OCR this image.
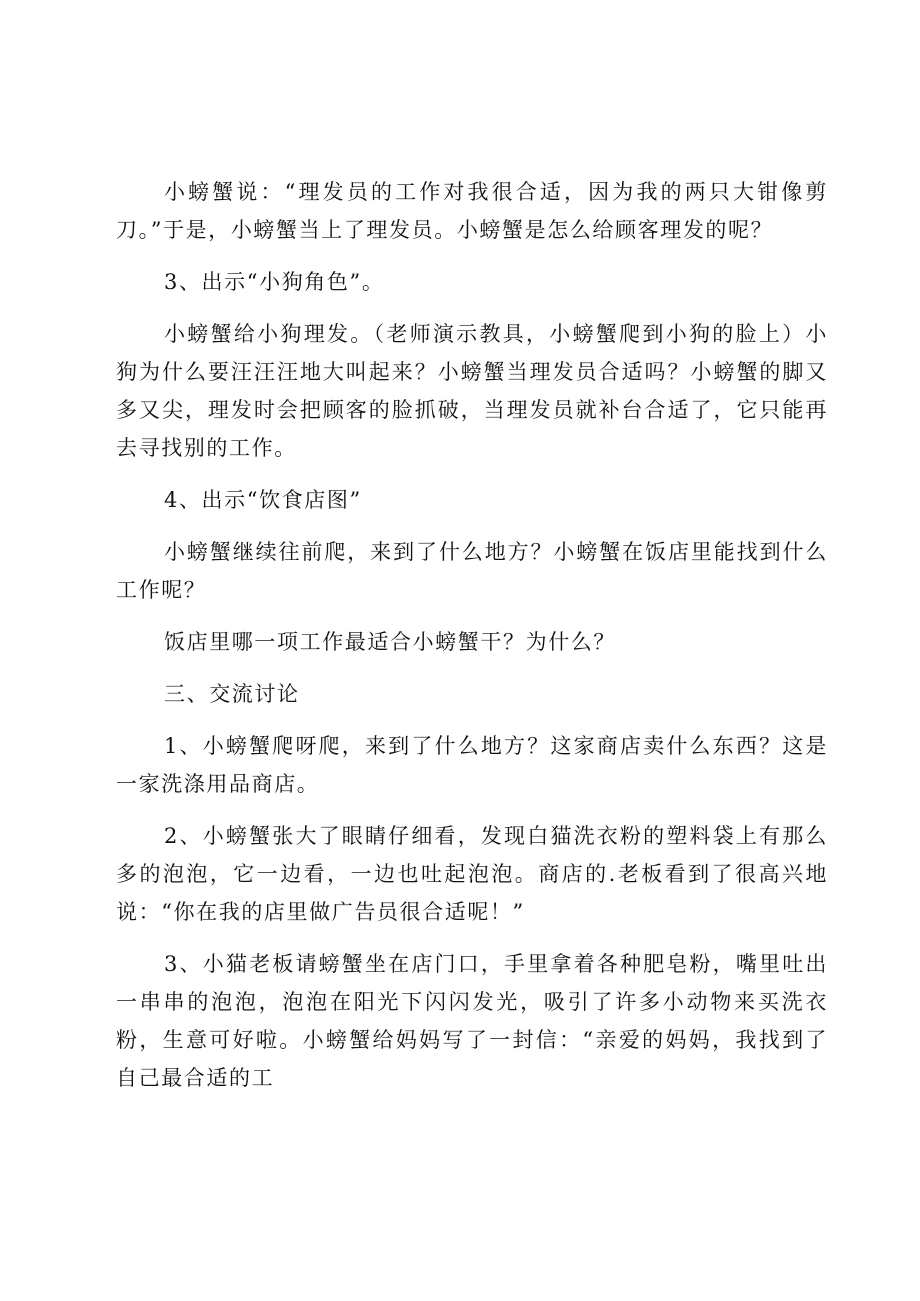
小螃蟹说：“理发员的工作对我很合适，因为我的两只大钳像剪刀。”于是，小螃蟹当上了理发员。小螃蟹是怎么给顾客理发的呢？

3、出示“小狗角色”。

小螃蟹给小狗理发。（老师演示教具，小螃蟹爬到小狗的脸上）小狗为什么要汪汪汪地大叫起来？小螃蟹当理发员合适吗？小螃蟹的脚又多又尖，理发时会把顾客的脸抓破，当理发员就补台合适了，它只能再去寻找别的工作。

4、出示“饮食店图”

小螃蟹继续往前爬，来到了什么地方？小螃蟹在饭店里能找到什么工作呢？

饭店里哪一项工作最适合小螃蟹干？为什么？

三、交流讨论

1、小螃蟹爬呀爬，来到了什么地方？这家商店卖什么东西？这是一家洗涤用品商店。

2、小螃蟹张大了眼睛仔细看，发现白猫洗衣粉的塑料袋上有那么多的泡泡，它一边看，一边也吐起泡泡。商店的.老板看到了很高兴地说：“你在我的店里做广告员很合适呢！”

3、小猫老板请螃蟹坐在店门口，手里拿着各种肥皂粉，嘴里吐出一串串的泡泡，泡泡在阳光下闪闪发光，吸引了许多小动物来买洗衣粉，生意可好啦。小螃蟹给妈妈写了一封信：“亲爱的妈妈，我找到了自己最合适的工
